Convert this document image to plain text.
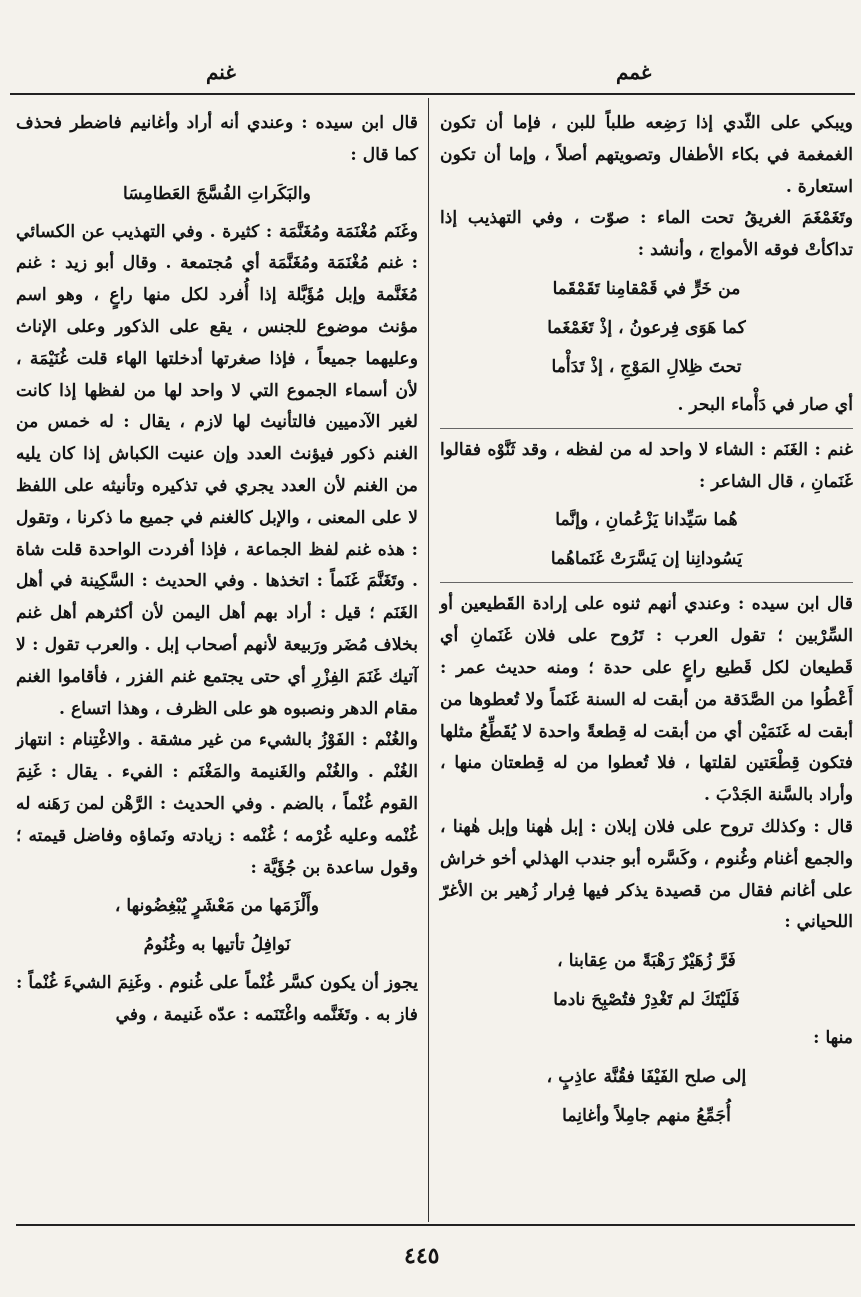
غمم
غنم

ويبكي على الثّدي إذا رَضِعه طلباً للبن ، فإما أن تكون الغمغمة في بكاء الأطفال وتصويتهم أصلاً ، وإما أن تكون استعارة .

وتَغَمْغَمَ الغريقُ تحت الماء : صوّت ، وفي التهذيب إذا تداكأتْ فوقه الأمواج ، وأنشد :

من خَرٍّ في قَمْقامِنا تَقَمْقَما

كما هَوَى فِرعونُ ، إذْ تَغَمْغَما

تحتَ ظِلالِ المَوْجِ ، إذْ تَدَأْما

أي صار في دَأْماء البحر .

غنم : الغَنَم : الشاء لا واحد له من لفظه ، وقد ثَنَّوْه فقالوا غَنَمانِ ، قال الشاعر :

هُما سَيِّدانا يَزْعُمانِ ، وإنَّما

يَسُودانِنا إن يَسَّرَتْ غَنَماهُما

قال ابن سيده : وعندي أنهم ثنوه على إرادة القَطيعين أو السِّرْبين ؛ تقول العرب : تَرُوح على فلان غَنَمانِ أي قَطيعان لكل قَطيع راعٍ على حدة ؛ ومنه حديث عمر : أَعْطُوا من الصَّدَقة من أبقت له السنة غَنَماً ولا تُعطوها من أبقت له غَنَمَيْن أي من أبقت له قِطعةً واحدة لا يُقَطِّعُ مثلها فتكون قِطْعَتين لقلتها ، فلا تُعطوا من له قِطعتان منها ، وأراد بالسَّنة الجَدْبَ .

قال : وكذلك تروح على فلان إبلان : إبل هٰهنا وإبل هٰهنا ، والجمع أغنام وغُنوم ، وكَسَّره أبو جندب الهذلي أخو خراش على أغانم فقال من قصيدة يذكر فيها فِرار زُهير بن الأغرّ اللحياني :

فَرَّ زُهَيْرٌ رَهْبَةً من عِقابنا ،

فَلَيْتَكَ لم تَغْدِرْ فتُصْبِحَ نادما

منها :

إلى صلح الفَيْفَا فقُنَّة عاذِبٍ ،

أُجَمِّعُ منهم جامِلاً وأغانِما

قال ابن سيده : وعندي أنه أراد وأغانيم فاضطر فحذف كما قال :

والبَكَراتِ الفُسَّجَ العَطامِسَا

وغَنَم مُغْنَمَة ومُغَنَّمَة : كثيرة . وفي التهذيب عن الكسائي : غنم مُغْنَمَة ومُغَنَّمَة أي مُجتمعة . وقال أبو زيد : غنم مُغَنَّمة وإبل مُؤَبَّلة إذا أُفرد لكل منها راعٍ ، وهو اسم مؤنث موضوع للجنس ، يقع على الذكور وعلى الإناث وعليهما جميعاً ، فإذا صغرتها أدخلتها الهاء قلت غُنَيْمَة ، لأن أسماء الجموع التي لا واحد لها من لفظها إذا كانت لغير الآدميين فالتأنيث لها لازم ، يقال : له خمس من الغنم ذكور فيؤنث العدد وإن عنيت الكباش إذا كان يليه من الغنم لأن العدد يجري في تذكيره وتأنيثه على اللفظ لا على المعنى ، والإبل كالغنم في جميع ما ذكرنا ، وتقول : هذه غنم لفظ الجماعة ، فإذا أفردت الواحدة قلت شاة . وتَغَنَّمَ غَنَماً : اتخذها . وفي الحديث : السَّكِينة في أهل الغَنَم ؛ قيل : أراد بهم أهل اليمن لأن أكثرهم أهل غنم بخلاف مُضَر ورَبيعة لأنهم أصحاب إبل . والعرب تقول : لا آتيك غَنَمَ الفِزْرِ أي حتى يجتمع غنم الفزر ، فأقاموا الغنم مقام الدهر ونصبوه هو على الظرف ، وهذا اتساع .

والغُنْم : الفَوْزُ بالشيء من غير مشقة . والاغْتِنام : انتهاز الغُنْم . والغُنْم والغَنيمة والمَغْنَم : الفيء . يقال : غَنِمَ القوم غُنْماً ، بالضم . وفي الحديث : الرَّهْن لمن رَهَنه له غُنْمه وعليه غُرْمه ؛ غُنْمه : زيادته ونَماؤه وفاضل قيمته ؛ وقول ساعدة بن جُؤَيَّة :

وأَلْزَمَها من مَعْشَرٍ يُبْغِضُونها ،

نَوافِلُ تأتيها به وغُنُومُ

يجوز أن يكون كسَّر غُنْماً على غُنوم . وغَنِمَ الشيءَ غُنْماً : فاز به . وتَغَنَّمه واغْتَنَمه : عدّه غَنيمة ، وفي

٤٤٥
